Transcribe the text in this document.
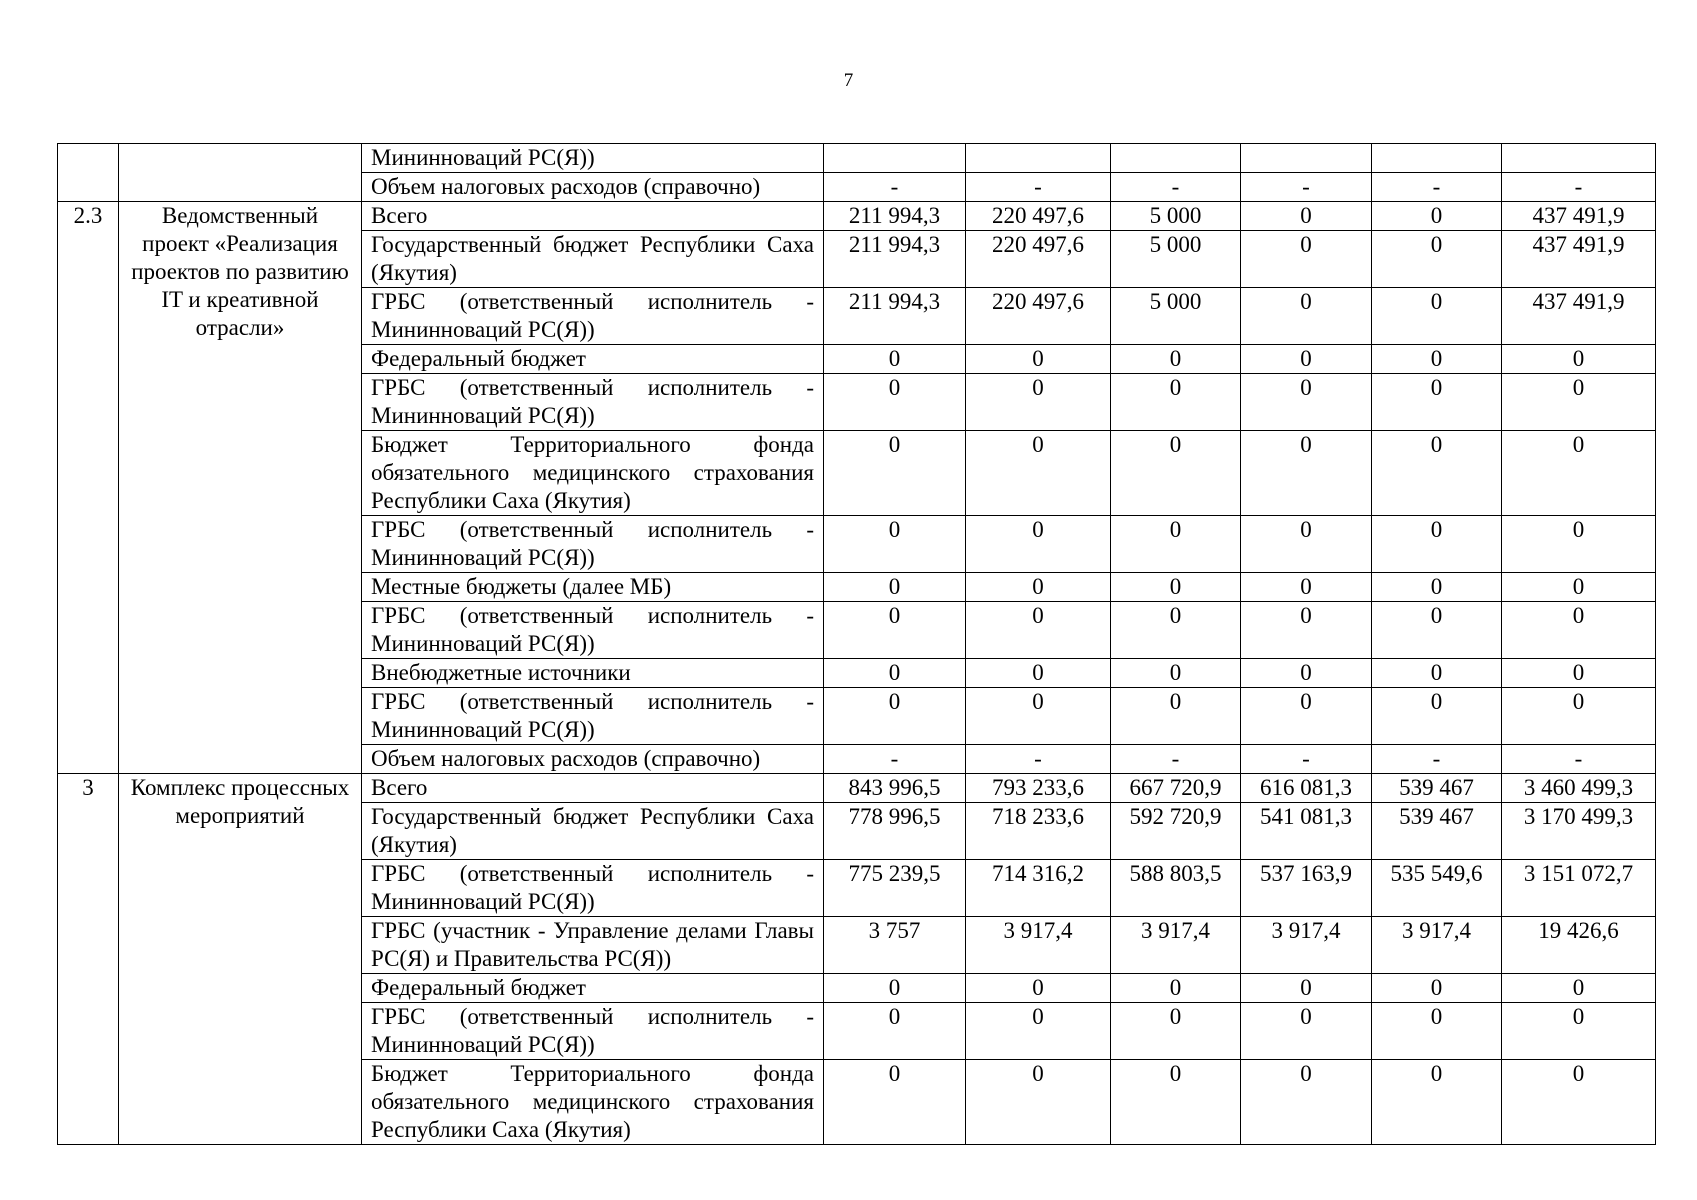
7
		Мининноваций РС(Я))						
		Объем налоговых расходов (справочно)	-	-	-	-	-	-
2.3	Ведомственный проект «Реализация проектов по развитию IT и креативной отрасли»	Всего	211 994,3	220 497,6	5 000	0	0	437 491,9
		Государственный бюджет Республики Саха (Якутия)	211 994,3	220 497,6	5 000	0	0	437 491,9
		ГРБС (ответственный исполнитель - Мининноваций РС(Я))	211 994,3	220 497,6	5 000	0	0	437 491,9
		Федеральный бюджет	0	0	0	0	0	0
		ГРБС (ответственный исполнитель - Мининноваций РС(Я))	0	0	0	0	0	0
		Бюджет Территориального фонда обязательного медицинского страхования Республики Саха (Якутия)	0	0	0	0	0	0
		ГРБС (ответственный исполнитель - Мининноваций РС(Я))	0	0	0	0	0	0
		Местные бюджеты (далее МБ)	0	0	0	0	0	0
		ГРБС (ответственный исполнитель - Мининноваций РС(Я))	0	0	0	0	0	0
		Внебюджетные источники	0	0	0	0	0	0
		ГРБС (ответственный исполнитель - Мининноваций РС(Я))	0	0	0	0	0	0
		Объем налоговых расходов (справочно)	-	-	-	-	-	-
3	Комплекс процессных мероприятий	Всего	843 996,5	793 233,6	667 720,9	616 081,3	539 467	3 460 499,3
		Государственный бюджет Республики Саха (Якутия)	778 996,5	718 233,6	592 720,9	541 081,3	539 467	3 170 499,3
		ГРБС (ответственный исполнитель - Мининноваций РС(Я))	775 239,5	714 316,2	588 803,5	537 163,9	535 549,6	3 151 072,7
		ГРБС (участник - Управление делами Главы РС(Я) и Правительства РС(Я))	3 757	3 917,4	3 917,4	3 917,4	3 917,4	19 426,6
		Федеральный бюджет	0	0	0	0	0	0
		ГРБС (ответственный исполнитель - Мининноваций РС(Я))	0	0	0	0	0	0
		Бюджет Территориального фонда обязательного медицинского страхования Республики Саха (Якутия)	0	0	0	0	0	0
